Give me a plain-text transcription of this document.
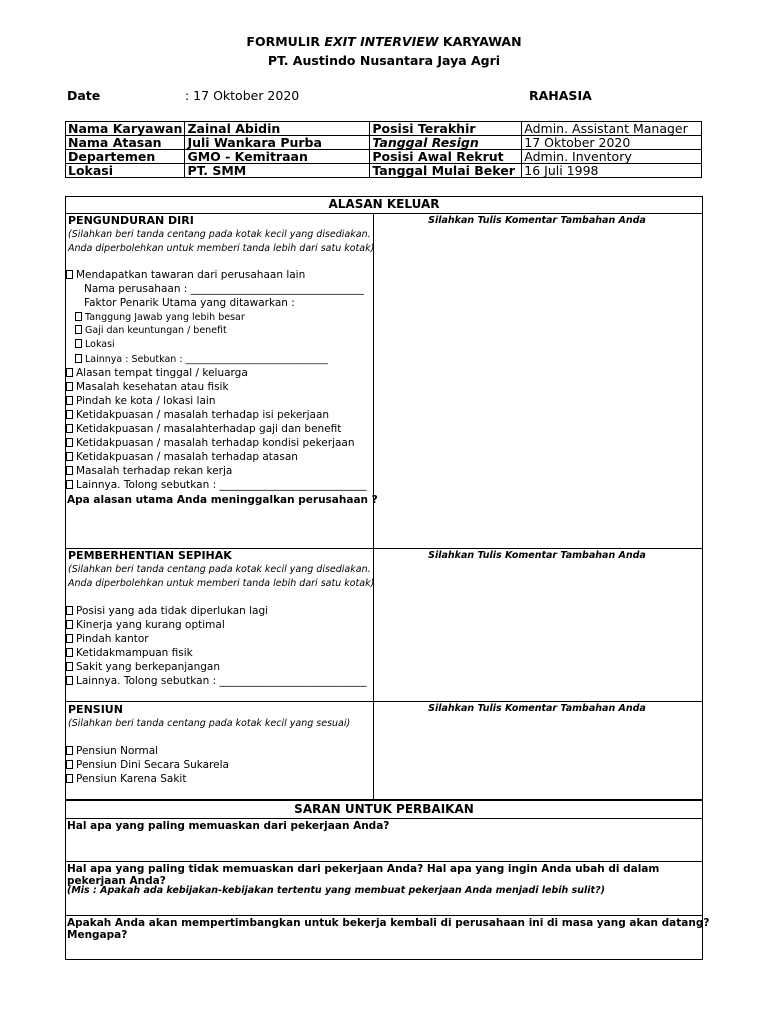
FORMULIR EXIT INTERVIEW KARYAWAN
PT. Austindo Nusantara Jaya Agri
Date	: 17 Oktober 2020	RAHASIA
Nama Karyawan	Zainal Abidin	Posisi Terakhir	Admin. Assistant Manager
Nama Atasan	Juli Wankara Purba	Tanggal Resign	17 Oktober 2020
Departemen	GMO - Kemitraan	Posisi Awal Rekrut	Admin. Inventory
Lokasi	PT. SMM	Tanggal Mulai Beker	16 Juli 1998
ALASAN KELUAR
Silahkan Tulis Komentar Tambahan Anda
Silahkan Tulis Komentar Tambahan Anda
Silahkan Tulis Komentar Tambahan Anda
PENGUNDURAN DIRI
(Silahkan beri tanda centang pada kotak kecil yang disediakan.
Anda diperbolehkan untuk memberi tanda lebih dari satu kotak)
Mendapatkan tawaran dari perusahaan lain
Nama perusahaan : _________________________________
Faktor Penarik Utama yang ditawarkan :
Tanggung Jawab yang lebih besar
Gaji dan keuntungan / benefit
Lokasi
Lainnya : Sebutkan : ______________________________
Alasan tempat tinggal / keluarga
Masalah kesehatan atau fisik
Pindah ke kota / lokasi lain
Ketidakpuasan / masalah terhadap isi pekerjaan
Ketidakpuasan / masalahterhadap gaji dan benefit
Ketidakpuasan / masalah terhadap kondisi pekerjaan
Ketidakpuasan / masalah terhadap atasan
Masalah terhadap rekan kerja
Lainnya. Tolong sebutkan : ____________________________
Apa alasan utama Anda meninggalkan perusahaan ?
PEMBERHENTIAN SEPIHAK
(Silahkan beri tanda centang pada kotak kecil yang disediakan.
Anda diperbolehkan untuk memberi tanda lebih dari satu kotak)
Posisi yang ada tidak diperlukan lagi
Kinerja yang kurang optimal
Pindah kantor
Ketidakmampuan fisik
Sakit yang berkepanjangan
Lainnya. Tolong sebutkan : ____________________________
PENSIUN
(Silahkan beri tanda centang pada kotak kecil yang sesuai)
Pensiun Normal
Pensiun Dini Secara Sukarela
Pensiun Karena Sakit
SARAN UNTUK PERBAIKAN
Hal apa yang paling memuaskan dari pekerjaan Anda?
Hal apa yang paling tidak memuaskan dari pekerjaan Anda? Hal apa yang ingin Anda ubah di dalam
pekerjaan Anda?
(Mis : Apakah ada kebijakan-kebijakan tertentu yang membuat pekerjaan Anda menjadi lebih sulit?)
Apakah Anda akan mempertimbangkan untuk bekerja kembali di perusahaan ini di masa yang akan datang?
Mengapa?
